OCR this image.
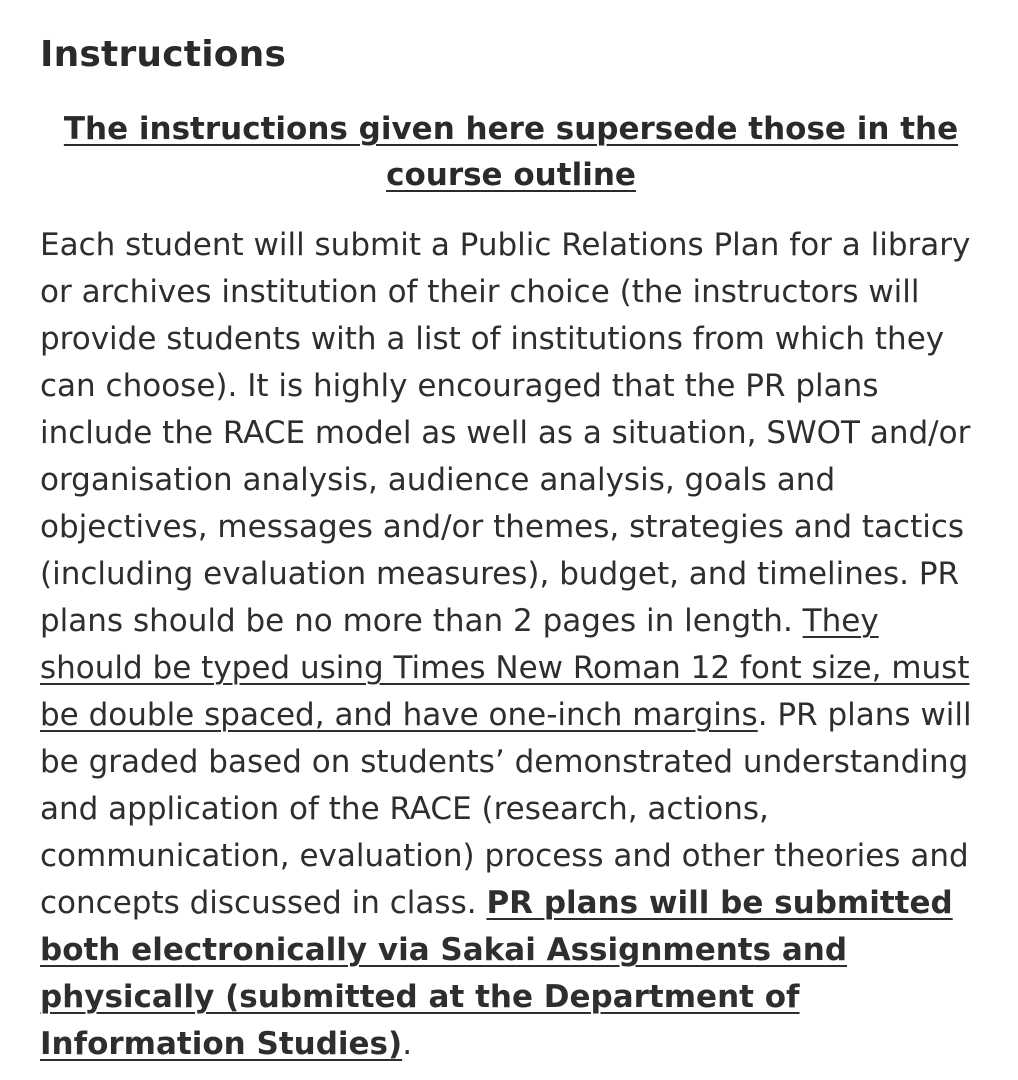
Instructions

The instructions given here supersede those in the course outline

Each student will submit a Public Relations Plan for a library or archives institution of their choice (the instructors will provide students with a list of institutions from which they can choose). It is highly encouraged that the PR plans include the RACE model as well as a situation, SWOT and/or organisation analysis, audience analysis, goals and objectives, messages and/or themes, strategies and tactics (including evaluation measures), budget, and timelines. PR plans should be no more than 2 pages in length. They should be typed using Times New Roman 12 font size, must be double spaced, and have one-inch margins. PR plans will be graded based on students’ demonstrated understanding and application of the RACE (research, actions, communication, evaluation) process and other theories and concepts discussed in class. PR plans will be submitted both electronically via Sakai Assignments and physically (submitted at the Department of Information Studies).
